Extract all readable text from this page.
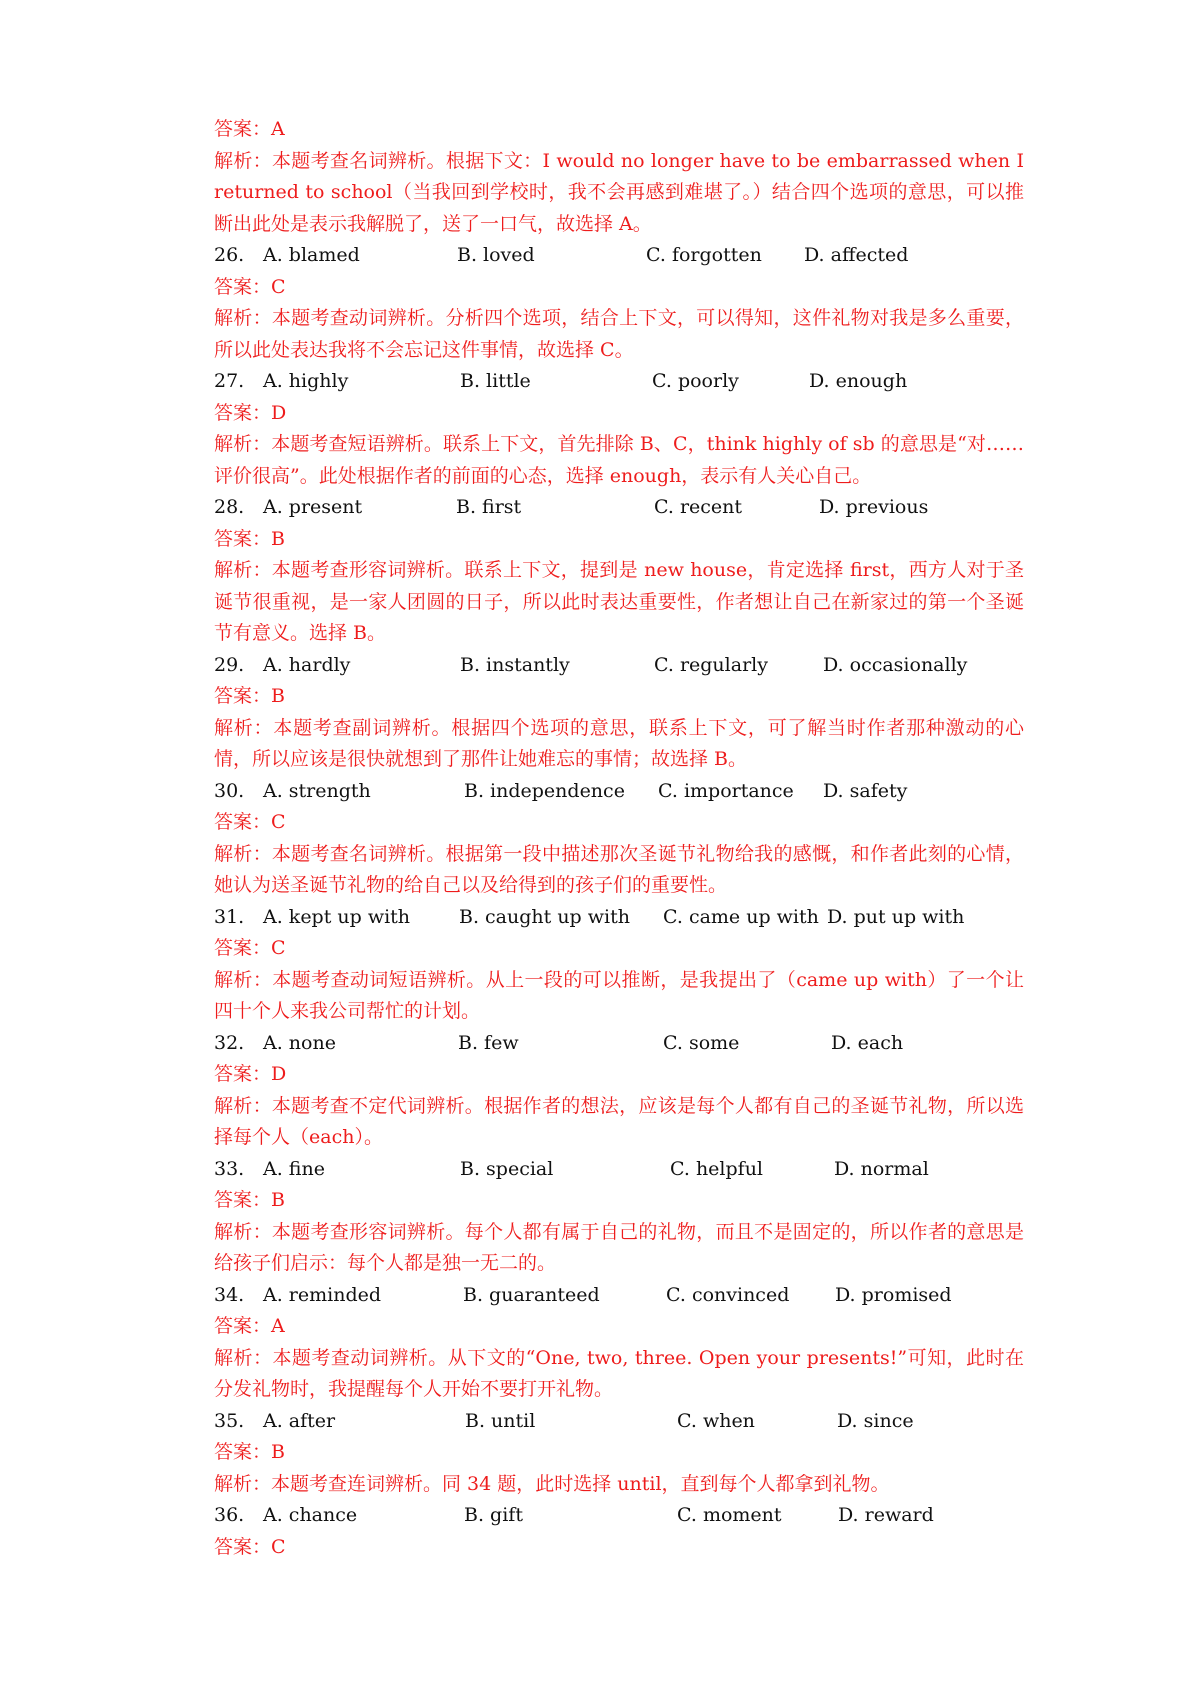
答案：A
解析：本题考查名词辨析。根据下文：I would no longer have to be embarrassed when I returned to school（当我回到学校时，我不会再感到难堪了。）结合四个选项的意思，可以推断出此处是表示我解脱了，送了一口气，故选择 A。
26. A. blamed	B. loved	C. forgotten D. affected
答案：C
解析：本题考查动词辨析。分析四个选项，结合上下文，可以得知，这件礼物对我是多么重要，所以此处表达我将不会忘记这件事情，故选择 C。
27. A. highly	B. little	C. poorly	D. enough
答案：D
解析：本题考查短语辨析。联系上下文，首先排除 B、C，think highly of sb 的意思是“对……评价很高”。此处根据作者的前面的心态，选择 enough，表示有人关心自己。
28. A. present	B. first	C. recent	D. previous
答案：B
解析：本题考查形容词辨析。联系上下文，提到是 new house，肯定选择 first，西方人对于圣诞节很重视，是一家人团圆的日子，所以此时表达重要性，作者想让自己在新家过的第一个圣诞节有意义。选择 B。
29. A. hardly	B. instantly	C. regularly	D. occasionally
答案：B
解析：本题考查副词辨析。根据四个选项的意思，联系上下文，可了解当时作者那种激动的心情，所以应该是很快就想到了那件让她难忘的事情；故选择 B。
30. A. strength	B. independence C. importance D. safety
答案：C
解析：本题考查名词辨析。根据第一段中描述那次圣诞节礼物给我的感慨，和作者此刻的心情，她认为送圣诞节礼物的给自己以及给得到的孩子们的重要性。
31. A. kept up with	B. caught up with C. came up with D. put up with
答案：C
解析：本题考查动词短语辨析。从上一段的可以推断，是我提出了（came up with）了一个让四十个人来我公司帮忙的计划。
32. A. none	B. few	C. some	D. each
答案：D
解析：本题考查不定代词辨析。根据作者的想法，应该是每个人都有自己的圣诞节礼物，所以选择每个人（each）。
33. A. fine	B. special	C. helpful	D. normal
答案：B
解析：本题考查形容词辨析。每个人都有属于自己的礼物，而且不是固定的，所以作者的意思是给孩子们启示：每个人都是独一无二的。
34. A. reminded	B. guaranteed	C. convinced D. promised
答案：A
解析：本题考查动词辨析。从下文的“One, two, three. Open your presents!”可知，此时在分发礼物时，我提醒每个人开始不要打开礼物。
35. A. after	B. until	C. when	D. since
答案：B
解析：本题考查连词辨析。同 34 题，此时选择 until，直到每个人都拿到礼物。
36. A. chance	B. gift	C. moment	D. reward
答案：C
